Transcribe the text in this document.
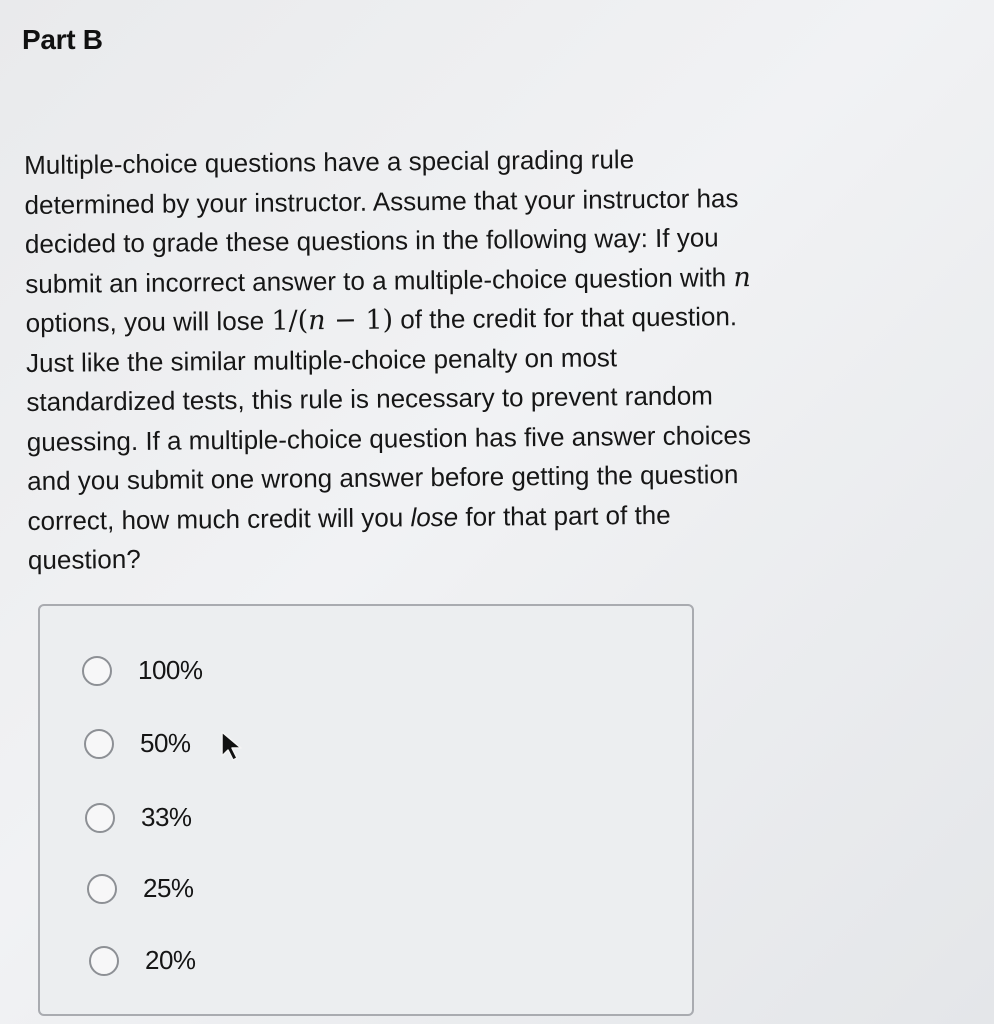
Part B

Multiple-choice questions have a special grading rule
determined by your instructor. Assume that your instructor has
decided to grade these questions in the following way: If you
submit an incorrect answer to a multiple-choice question with n
options, you will lose 1/(n − 1) of the credit for that question.
Just like the similar multiple-choice penalty on most
standardized tests, this rule is necessary to prevent random
guessing. If a multiple-choice question has five answer choices
and you submit one wrong answer before getting the question
correct, how much credit will you lose for that part of the
question?

100%
50%
33%
25%
20%
